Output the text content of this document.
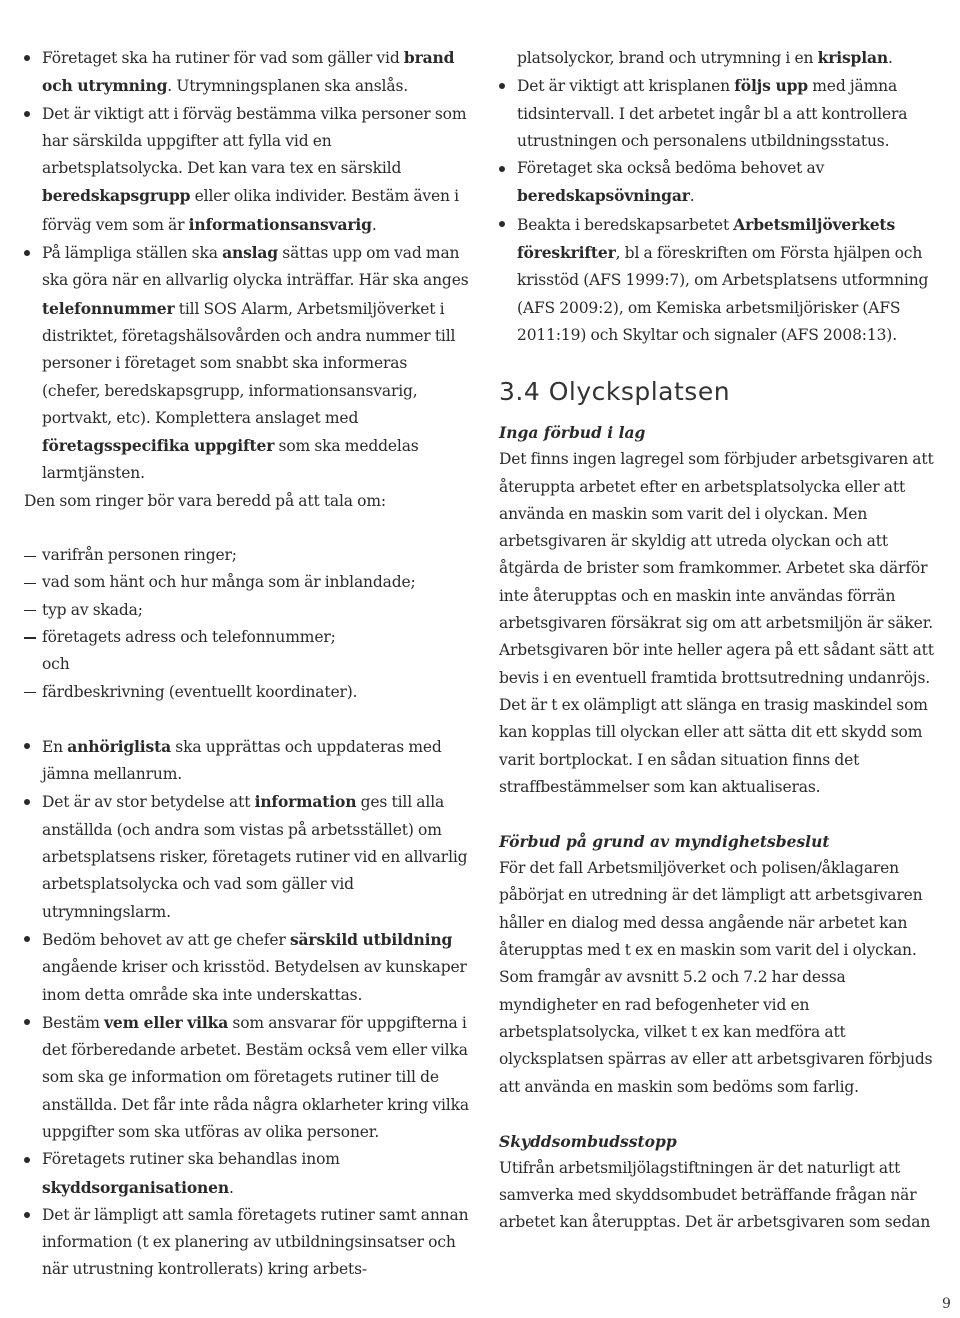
Företaget ska ha rutiner för vad som gäller vid brand och utrymning. Utrymningsplanen ska anslås.
Det är viktigt att i förväg bestämma vilka personer som har särskilda uppgifter att fylla vid en arbetsplatsolycka. Det kan vara tex en särskild beredskapsgrupp eller olika individer. Bestäm även i förväg vem som är informationsansvarig.
På lämpliga ställen ska anslag sättas upp om vad man ska göra när en allvarlig olycka inträffar. Här ska anges telefonnummer till SOS Alarm, Arbetsmiljöverket i distriktet, företagshälsovården och andra nummer till personer i företaget som snabbt ska informeras (chefer, beredskapsgrupp, informationsansvarig, portvakt, etc). Komplettera anslaget med företagsspecifika uppgifter som ska meddelas larmtjänsten.

Den som ringer bör vara beredd på att tala om:

varifrån personen ringer;
vad som hänt och hur många som är inblandade;
typ av skada;
företagets adress och telefonnummer;
och
färdbeskrivning (eventuellt koordinater).
En anhöriglista ska upprättas och uppdateras med jämna mellanrum.
Det är av stor betydelse att information ges till alla anställda (och andra som vistas på arbetsstället) om arbetsplatsens risker, företagets rutiner vid en allvarlig arbetsplatsolycka och vad som gäller vid utrymningslarm.
Bedöm behovet av att ge chefer särskild utbildning angående kriser och krisstöd. Betydelsen av kunskaper inom detta område ska inte underskattas.
Bestäm vem eller vilka som ansvarar för uppgifterna i det förberedande arbetet. Bestäm också vem eller vilka som ska ge information om företagets rutiner till de anställda. Det får inte råda några oklarheter kring vilka uppgifter som ska utföras av olika personer.
Företagets rutiner ska behandlas inom skyddsorganisationen.
Det är lämpligt att samla företagets rutiner samt annan information (t ex planering av utbildningsinsatser och när utrustning kontrollerats) kring arbets-

platsolyckor, brand och utrymning i en krisplan.

Det är viktigt att krisplanen följs upp med jämna tidsintervall. I det arbetet ingår bl a att kontrollera utrustningen och personalens utbildningsstatus.
Företaget ska också bedöma behovet av beredskapsövningar.
Beakta i beredskapsarbetet Arbetsmiljöverkets föreskrifter, bl a föreskriften om Första hjälpen och krisstöd (AFS 1999:7), om Arbetsplatsens utformning (AFS 2009:2), om Kemiska arbetsmiljörisker (AFS 2011:19) och Skyltar och signaler (AFS 2008:13).
3.4 Olycksplatsen
Inga förbud i lag

Det finns ingen lagregel som förbjuder arbetsgivaren att återuppta arbetet efter en arbetsplatsolycka eller att använda en maskin som varit del i olyckan. Men arbetsgivaren är skyldig att utreda olyckan och att åtgärda de brister som framkommer. Arbetet ska därför inte återupptas och en maskin inte användas förrän arbetsgivaren försäkrat sig om att arbetsmiljön är säker. Arbetsgivaren bör inte heller agera på ett sådant sätt att bevis i en eventuell framtida brottsutredning undanröjs. Det är t ex olämpligt att slänga en trasig maskindel som kan kopplas till olyckan eller att sätta dit ett skydd som varit bortplockat. I en sådan situation finns det straffbestämmelser som kan aktualiseras.

Förbud på grund av myndighetsbeslut

För det fall Arbetsmiljöverket och polisen/åklagaren påbörjat en utredning är det lämpligt att arbetsgivaren håller en dialog med dessa angående när arbetet kan återupptas med t ex en maskin som varit del i olyckan. Som framgår av avsnitt 5.2 och 7.2 har dessa myndigheter en rad befogenheter vid en arbetsplatsolycka, vilket t ex kan medföra att olycksplatsen spärras av eller att arbetsgivaren förbjuds att använda en maskin som bedöms som farlig.

Skyddsombudsstopp

Utifrån arbetsmiljölagstiftningen är det naturligt att samverka med skyddsombudet beträffande frågan när arbetet kan återupptas. Det är arbetsgivaren som sedan

9
